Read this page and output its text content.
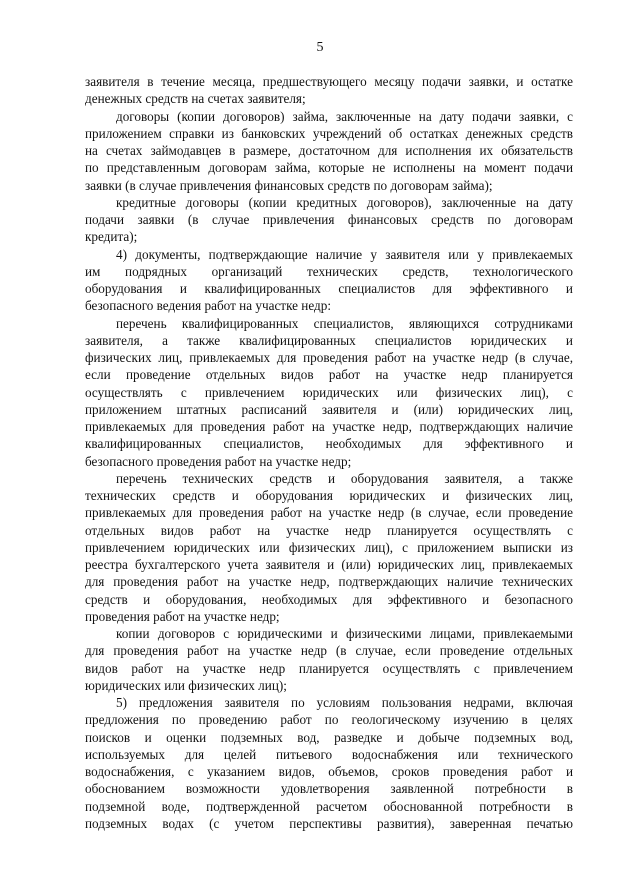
5
заявителя в течение месяца, предшествующего месяцу подачи заявки, и остатке
денежных средств на счетах заявителя;
договоры (копии договоров) займа, заключенные на дату подачи заявки, с
приложением справки из банковских учреждений об остатках денежных средств
на счетах займодавцев в размере, достаточном для исполнения их обязательств
по представленным договорам займа, которые не исполнены на момент подачи
заявки (в случае привлечения финансовых средств по договорам займа);
кредитные договоры (копии кредитных договоров), заключенные на дату
подачи заявки (в случае привлечения финансовых средств по договорам
кредита);
4) документы, подтверждающие наличие у заявителя или у привлекаемых
им подрядных организаций технических средств, технологического
оборудования и квалифицированных специалистов для эффективного и
безопасного ведения работ на участке недр:
перечень квалифицированных специалистов, являющихся сотрудниками
заявителя, а также квалифицированных специалистов юридических и
физических лиц, привлекаемых для проведения работ на участке недр (в случае,
если проведение отдельных видов работ на участке недр планируется
осуществлять с привлечением юридических или физических лиц), с
приложением штатных расписаний заявителя и (или) юридических лиц,
привлекаемых для проведения работ на участке недр, подтверждающих наличие
квалифицированных специалистов, необходимых для эффективного и
безопасного проведения работ на участке недр;
перечень технических средств и оборудования заявителя, а также
технических средств и оборудования юридических и физических лиц,
привлекаемых для проведения работ на участке недр (в случае, если проведение
отдельных видов работ на участке недр планируется осуществлять с
привлечением юридических или физических лиц), с приложением выписки из
реестра бухгалтерского учета заявителя и (или) юридических лиц, привлекаемых
для проведения работ на участке недр, подтверждающих наличие технических
средств и оборудования, необходимых для эффективного и безопасного
проведения работ на участке недр;
копии договоров с юридическими и физическими лицами, привлекаемыми
для проведения работ на участке недр (в случае, если проведение отдельных
видов работ на участке недр планируется осуществлять с привлечением
юридических или физических лиц);
5) предложения заявителя по условиям пользования недрами, включая
предложения по проведению работ по геологическому изучению в целях
поисков и оценки подземных вод, разведке и добыче подземных вод,
используемых для целей питьевого водоснабжения или технического
водоснабжения, с указанием видов, объемов, сроков проведения работ и
обоснованием возможности удовлетворения заявленной потребности в
подземной воде, подтвержденной расчетом обоснованной потребности в
подземных водах (с учетом перспективы развития), заверенная печатью
